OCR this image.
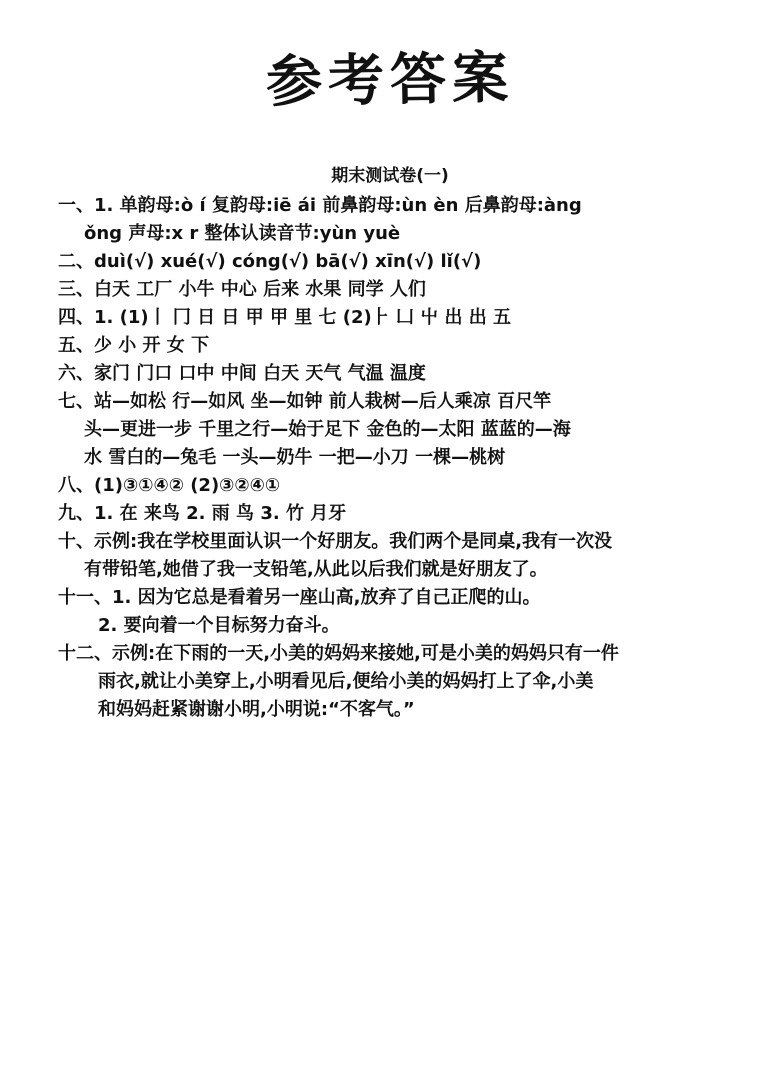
参考答案
期末测试卷(一)
一、1. 单韵母:ò í 复韵母:iē ái 前鼻韵母:ùn èn 后鼻韵母:àng
ǒng 声母:x r 整体认读音节:yùn yuè
二、duì(√) xué(√) cóng(√) bā(√) xīn(√) lǐ(√)
三、白天 工厂 小牛 中心 后来 水果 同学 人们
四、1. (1)丨 冂 日 日 甲 甲 里 七 (2)⺊ 凵 屮 出 出 五
五、少 小 开 女 下
六、家门 门口 口中 中间 白天 天气 气温 温度
七、站—如松 行—如风 坐—如钟 前人栽树—后人乘凉 百尺竿
头—更进一步 千里之行—始于足下 金色的—太阳 蓝蓝的—海
水 雪白的—兔毛 一头—奶牛 一把—小刀 一棵—桃树
八、(1)③①④② (2)③②④①
九、1. 在 来鸟 2. 雨 鸟 3. 竹 月牙
十、示例:我在学校里面认识一个好朋友。我们两个是同桌,我有一次没
有带铅笔,她借了我一支铅笔,从此以后我们就是好朋友了。
十一、1. 因为它总是看着另一座山高,放弃了自己正爬的山。
2. 要向着一个目标努力奋斗。
十二、示例:在下雨的一天,小美的妈妈来接她,可是小美的妈妈只有一件
雨衣,就让小美穿上,小明看见后,便给小美的妈妈打上了伞,小美
和妈妈赶紧谢谢小明,小明说:“不客气。”
